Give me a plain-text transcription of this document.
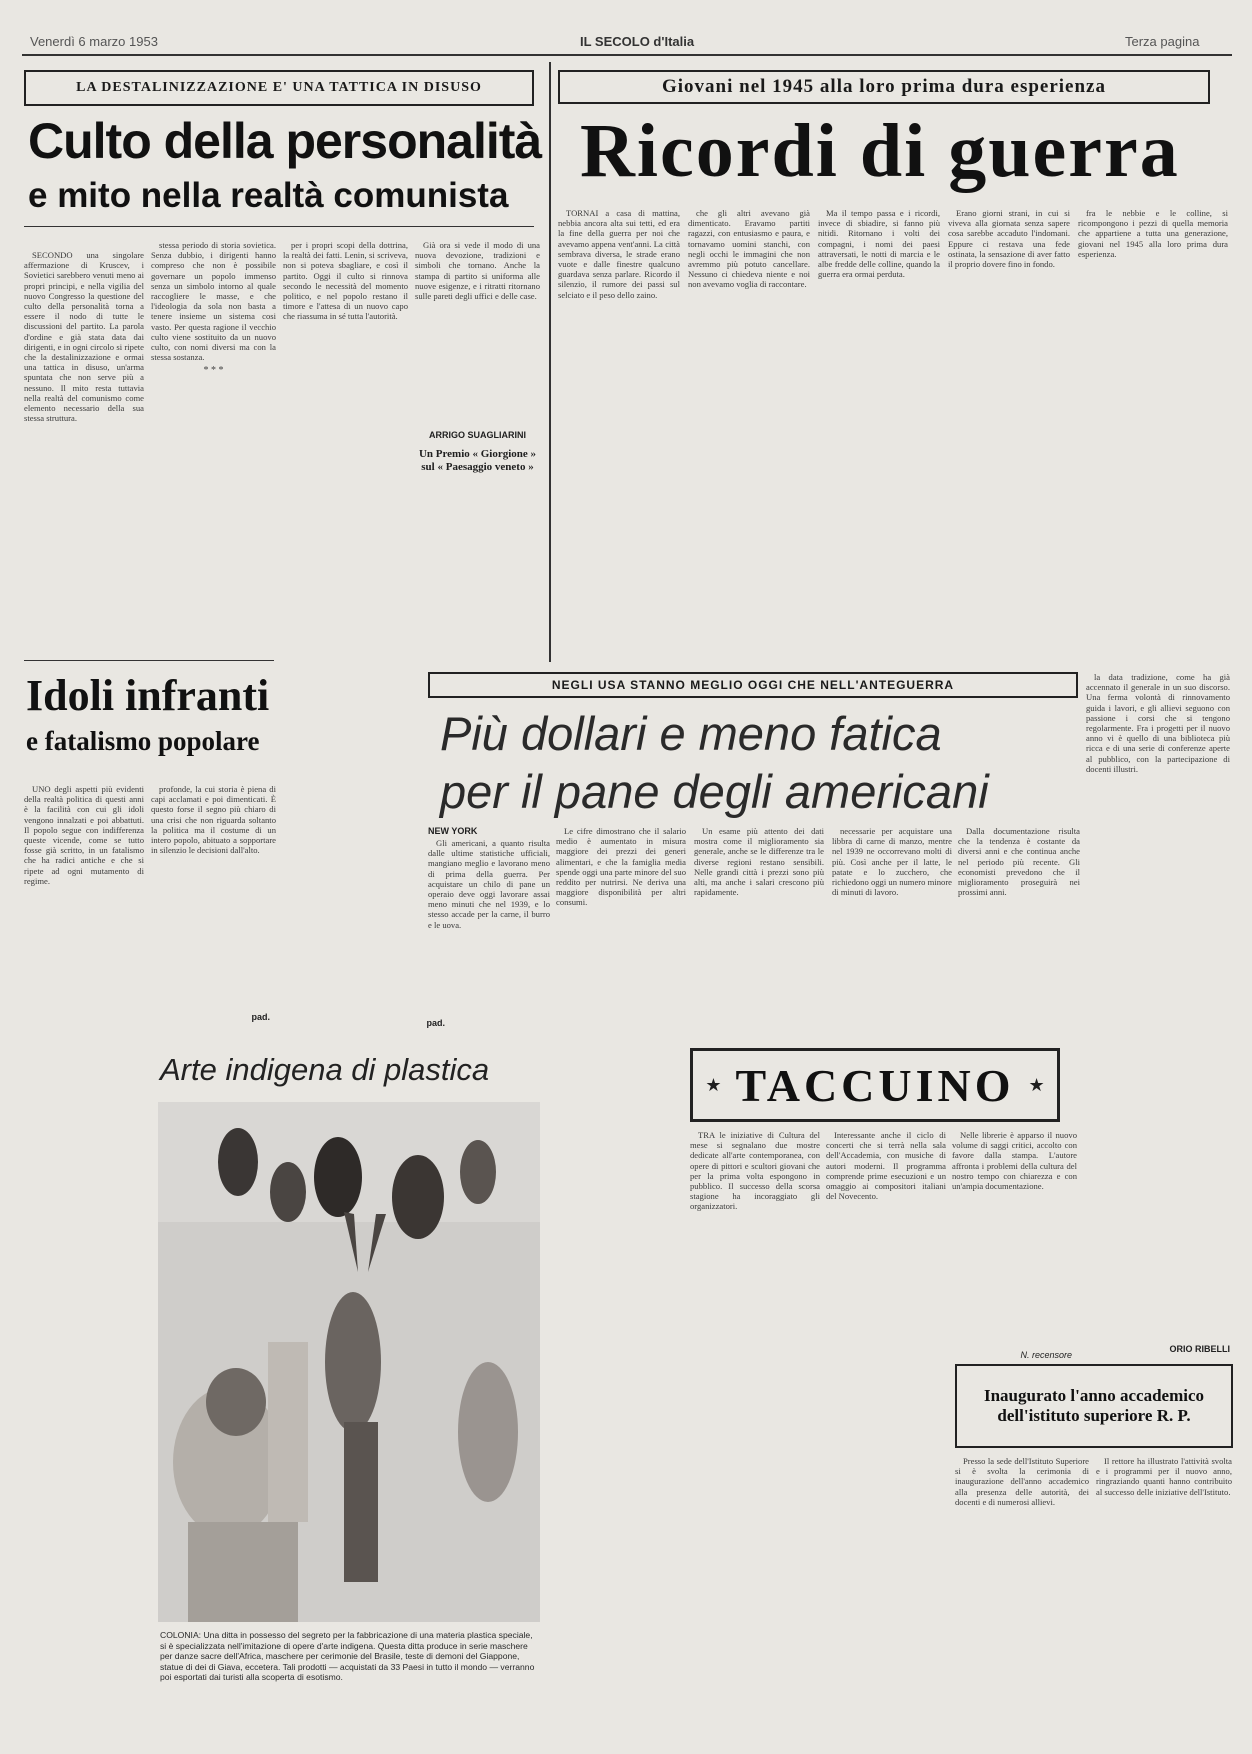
Venerdì 6 marzo 1953	IL SECOLO d'Italia	Terza pagina
LA DESTALINIZZAZIONE E' UNA TATTICA IN DISUSO
Culto della personalità
e mito nella realtà comunista

SECONDO una singolare affermazione di Kruscev, i Sovietici sarebbero venuti meno ai propri principi, e nella vigilia del nuovo Congresso la questione del culto della personalità torna a essere il nodo di tutte le discussioni del partito. La parola d'ordine e già stata data dai dirigenti, e in ogni circolo si ripete che la destalinizzazione e ormai una tattica in disuso, un'arma spuntata che non serve più a nessuno. Il mito resta tuttavia nella realtà del comunismo come elemento necessario della sua stessa struttura.

stessa periodo di storia sovietica. Senza dubbio, i dirigenti hanno compreso che non è possibile governare un popolo immenso senza un simbolo intorno al quale raccogliere le masse, e che l'ideologia da sola non basta a tenere insieme un sistema cosi vasto. Per questa ragione il vecchio culto viene sostituito da un nuovo culto, con nomi diversi ma con la stessa sostanza.

* * *

per i propri scopi della dottrina, la realtà dei fatti. Lenin, si scriveva, non si poteva sbagliare, e così il partito. Oggi il culto si rinnova secondo le necessità del momento politico, e nel popolo restano il timore e l'attesa di un nuovo capo che riassuma in sé tutta l'autorità.

Già ora si vede il modo di una nuova devozione, tradizioni e simboli che tornano. Anche la stampa di partito si uniforma alle nuove esigenze, e i ritratti ritornano sulle pareti degli uffici e delle case.

ARRIGO SUAGLIARINI
Un Premio « Giorgione » sul « Paesaggio veneto »
Giovani nel 1945 alla loro prima dura esperienza
Ricordi di guerra

TORNAI a casa di mattina, nebbia ancora alta sui tetti, ed era la fine della guerra per noi che avevamo appena vent'anni. La città sembrava diversa, le strade erano vuote e dalle finestre qualcuno guardava senza parlare. Ricordo il silenzio, il rumore dei passi sul selciato e il peso dello zaino.

che gli altri avevano già dimenticato. Eravamo partiti ragazzi, con entusiasmo e paura, e tornavamo uomini stanchi, con negli occhi le immagini che non avremmo più potuto cancellare. Nessuno ci chiedeva niente e noi non avevamo voglia di raccontare.

Ma il tempo passa e i ricordi, invece di sbiadire, si fanno più nitidi. Ritornano i volti dei compagni, i nomi dei paesi attraversati, le notti di marcia e le albe fredde delle colline, quando la guerra era ormai perduta.

Erano giorni strani, in cui si viveva alla giornata senza sapere cosa sarebbe accaduto l'indomani. Eppure ci restava una fede ostinata, la sensazione di aver fatto il proprio dovere fino in fondo.

fra le nebbie e le colline, si ricompongono i pezzi di quella memoria che appartiene a tutta una generazione, giovani nel 1945 alla loro prima dura esperienza.

Idoli infranti
e fatalismo popolare

UNO degli aspetti più evidenti della realtà politica di questi anni è la facilità con cui gli idoli vengono innalzati e poi abbattuti. Il popolo segue con indifferenza queste vicende, come se tutto fosse già scritto, in un fatalismo che ha radici antiche e che si ripete ad ogni mutamento di regime.

profonde, la cui storia è piena di capi acclamati e poi dimenticati. È questo forse il segno più chiaro di una crisi che non riguarda soltanto la politica ma il costume di un intero popolo, abituato a sopportare in silenzio le decisioni dall'alto.

pad.
NEGLI USA STANNO MEGLIO OGGI CHE NELL'ANTEGUERRA
Più dollari e meno fatica
per il pane degli americani
NEW YORK

Gli americani, a quanto risulta dalle ultime statistiche ufficiali, mangiano meglio e lavorano meno di prima della guerra. Per acquistare un chilo di pane un operaio deve oggi lavorare assai meno minuti che nel 1939, e lo stesso accade per la carne, il burro e le uova.

Le cifre dimostrano che il salario medio è aumentato in misura maggiore dei prezzi dei generi alimentari, e che la famiglia media spende oggi una parte minore del suo reddito per nutrirsi. Ne deriva una maggiore disponibilità per altri consumi.

Un esame più attento dei dati mostra come il miglioramento sia generale, anche se le differenze tra le diverse regioni restano sensibili. Nelle grandi città i prezzi sono più alti, ma anche i salari crescono più rapidamente.

necessarie per acquistare una libbra di carne di manzo, mentre nel 1939 ne occorrevano molti di più. Così anche per il latte, le patate e lo zucchero, che richiedono oggi un numero minore di minuti di lavoro.

Dalla documentazione risulta che la tendenza è costante da diversi anni e che continua anche nel periodo più recente. Gli economisti prevedono che il miglioramento proseguirà nei prossimi anni.

pad.

la data tradizione, come ha già accennato il generale in un suo discorso. Una ferma volontà di rinnovamento guida i lavori, e gli allievi seguono con passione i corsi che si tengono regolarmente. Fra i progetti per il nuovo anno vi è quello di una biblioteca più ricca e di una serie di conferenze aperte al pubblico, con la partecipazione di docenti illustri.

ORIO RIBELLI
Arte indigena di plastica
COLONIA: Una ditta in possesso del segreto per la fabbricazione di una materia plastica speciale, si è specializzata nell'imitazione di opere d'arte indigena. Questa ditta produce in serie maschere per danze sacre dell'Africa, maschere per cerimonie del Brasile, teste di demoni del Giappone, statue di dei di Giava, eccetera. Tali prodotti — acquistati da 33 Paesi in tutto il mondo — verranno poi esportati dai turisti alla scoperta di esotismo.
★ TACCUINO ★

TRA le iniziative di Cultura del mese si segnalano due mostre dedicate all'arte contemporanea, con opere di pittori e scultori giovani che per la prima volta espongono in pubblico. Il successo della scorsa stagione ha incoraggiato gli organizzatori.

Interessante anche il ciclo di concerti che si terrà nella sala dell'Accademia, con musiche di autori moderni. Il programma comprende prime esecuzioni e un omaggio ai compositori italiani del Novecento.

Nelle librerie è apparso il nuovo volume di saggi critici, accolto con favore dalla stampa. L'autore affronta i problemi della cultura del nostro tempo con chiarezza e con un'ampia documentazione.

N. recensore
Inaugurato l'anno accademico
dell'istituto superiore R. P.

Presso la sede dell'Istituto Superiore si è svolta la cerimonia di inaugurazione dell'anno accademico alla presenza delle autorità, dei docenti e di numerosi allievi.

Il rettore ha illustrato l'attività svolta e i programmi per il nuovo anno, ringraziando quanti hanno contribuito al successo delle iniziative dell'Istituto.
